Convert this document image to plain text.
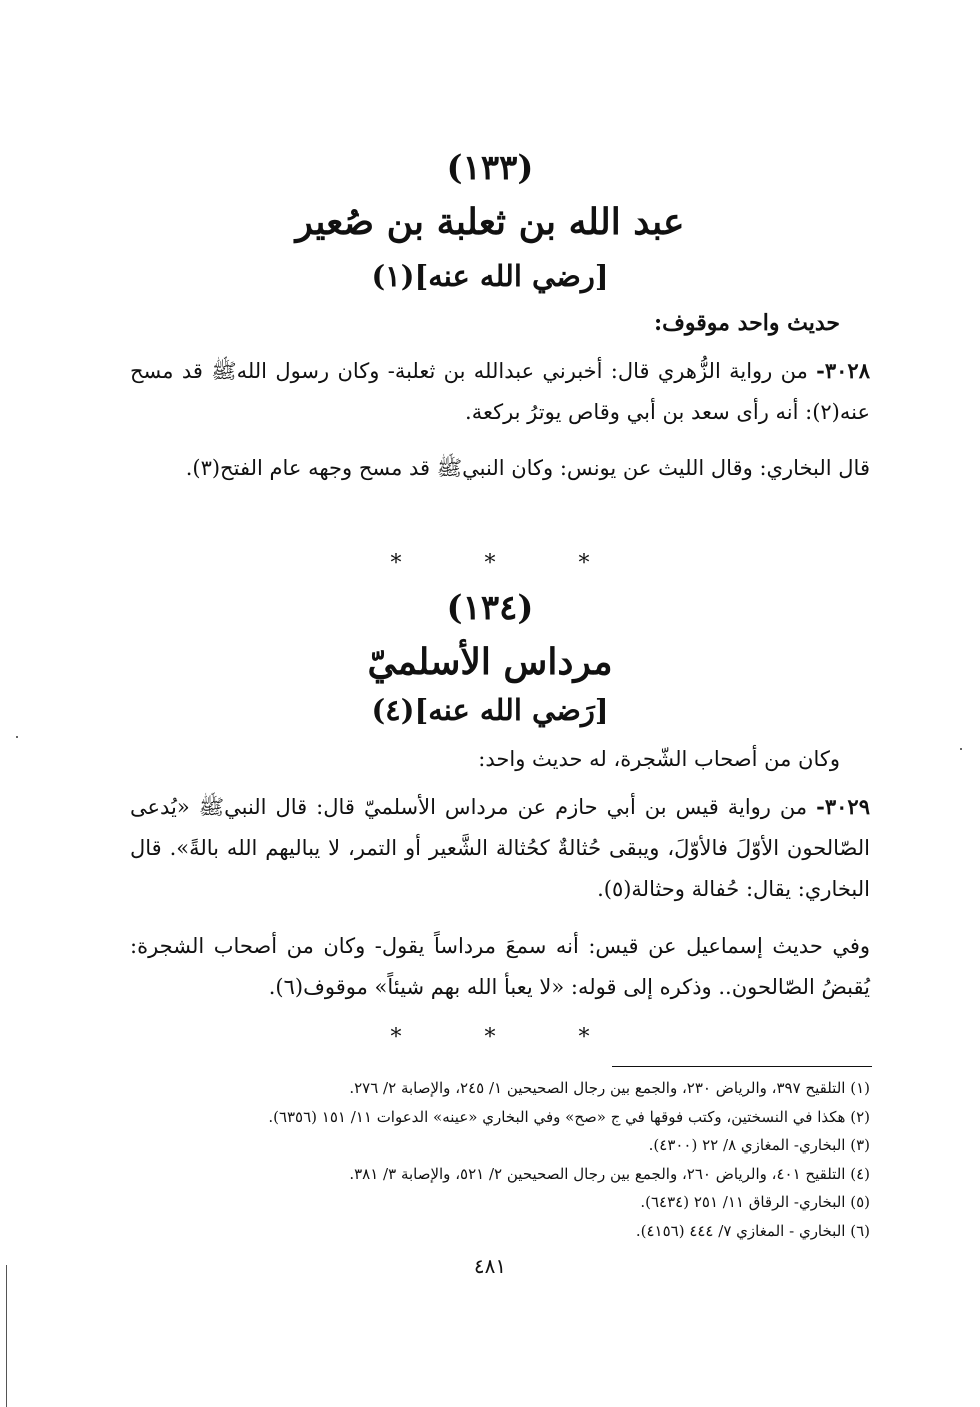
(١٣٣)
عبد الله بن ثعلبة بن صُعير
[رضي الله عنه](١)
حديث واحد موقوف:
٣٠٢٨- من رواية الزُّهري قال: أخبرني عبدالله بن ثعلبة- وكان رسول اللهﷺ قد مسح عنه(٢): أنه رأى سعد بن أبي وقاص يوترُ بركعة.
قال البخاري: وقال الليث عن يونس: وكان النبيﷺ قد مسح وجهه عام الفتح(٣).
* * *
(١٣٤)
مرداس الأسلميّ
[رَضي الله عنه](٤)
وكان من أصحاب الشّجرة، له حديث واحد:
٣٠٢٩- من رواية قيس بن أبي حازم عن مرداس الأسلميّ قال: قال النبيﷺ «يُدعى الصّالحون الأوّلَ فالأوّلَ، ويبقى حُثالةٌ كحُثالة الشَّعير أو التمر، لا يباليهم الله بالةً». قال البخاري: يقال: حُفالة وحثالة(٥).
وفي حديث إسماعيل عن قيس: أنه سمعَ مرداساً يقول- وكان من أصحاب الشجرة: يُقبضُ الصّالحون.. وذكره إلى قوله: «لا يعبأ الله بهم شيئاً» موقوف(٦).
* * *
(١) التلقيح ٣٩٧، والرياض ٢٣٠، والجمع بين رجال الصحيحين ١/ ٢٤٥، والإصابة ٢/ ٢٧٦.
(٢) هكذا في النسختين، وكتب فوقها في ج «صح» وفي البخاري «عينه» الدعوات ١١/ ١٥١ (٦٣٥٦).
(٣) البخاري- المغازي ٨/ ٢٢ (٤٣٠٠).
(٤) التلقيح ٤٠١، والرياض ٢٦٠، والجمع بين رجال الصحيحين ٢/ ٥٢١، والإصابة ٣/ ٣٨١.
(٥) البخاري- الرقاق ١١/ ٢٥١ (٦٤٣٤).
(٦) البخاري - المغازي ٧/ ٤٤٤ (٤١٥٦).
٤٨١
